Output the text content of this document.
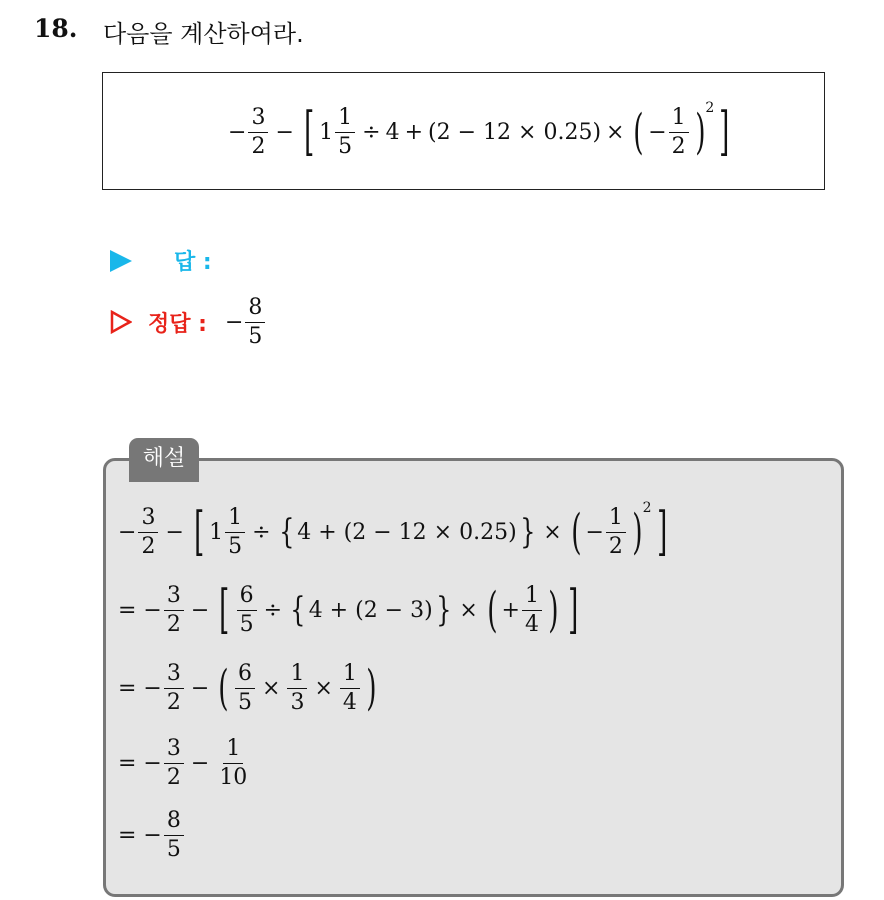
18. 다음을 계산하여라.
− $\frac{3}{2}$ − [ $1 \frac{1}{5} \div 4 + (2 - 12 \times 0.25)$ × ( − $\frac{1}{2}$ ) 2 ]
답 :
정답 : − $\frac{8}{5}$
해설
− $\frac{3}{2}$ − [ $1 \frac{1}{5}$ ÷ { 4 + (2 − 12 × 0.25) } × ( − $\frac{1}{2}$ ) 2 ]
= − $\frac{3}{2}$ − [ $\frac{6}{5}$ ÷ { 4 + (2 − 3) } × ( + $\frac{1}{4}$ ) ]
= − $\frac{3}{2}$ − ( $\frac{6}{5} \times \frac{1}{3} \times \frac{1}{4}$ )
= − $\frac{3}{2} - \frac{1}{10}$
= − $\frac{8}{5}$
